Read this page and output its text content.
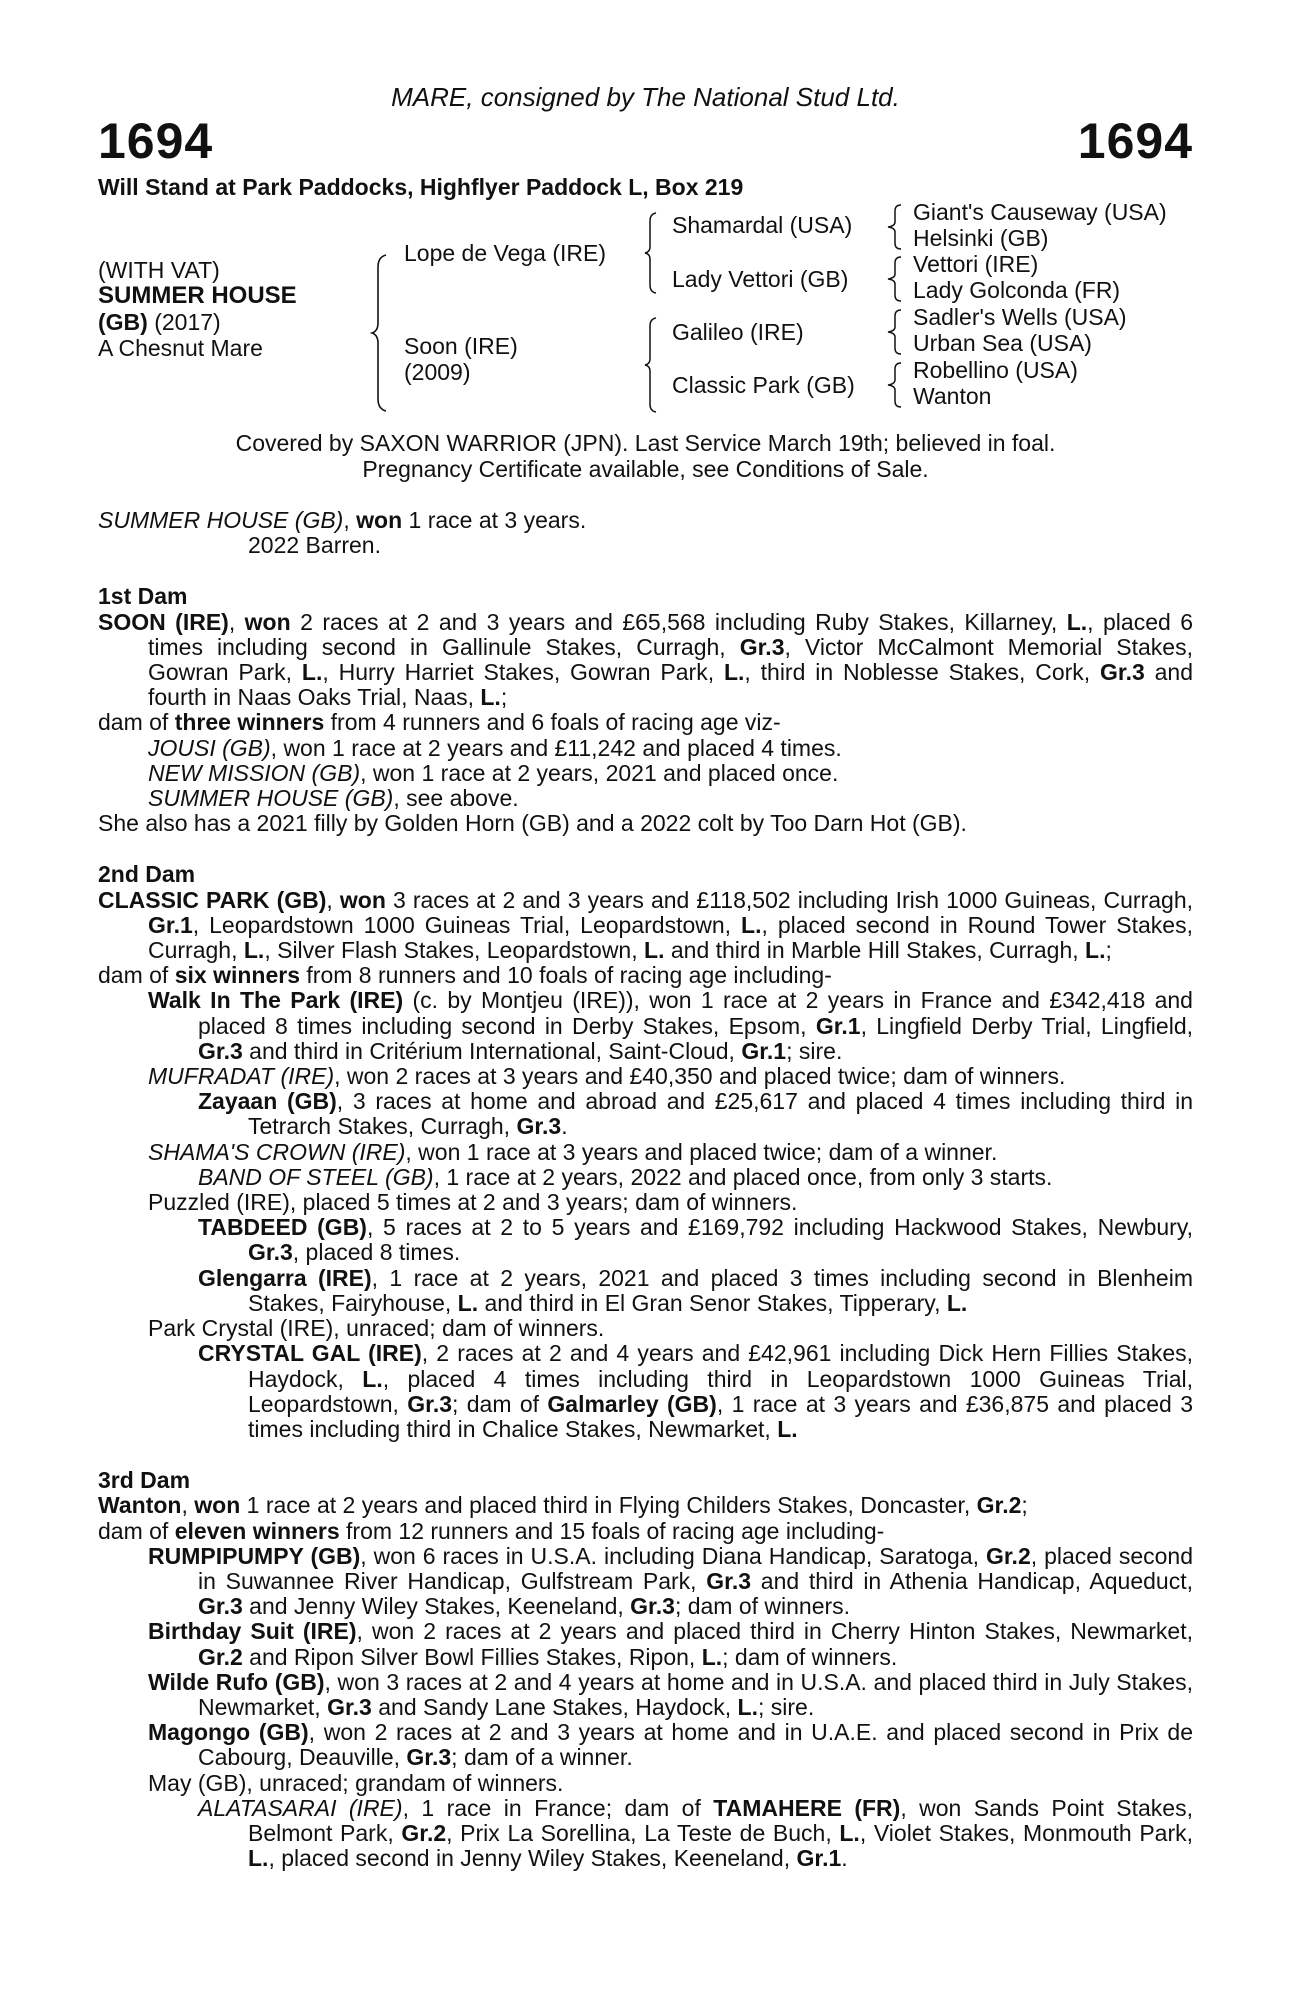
MARE, consigned by The National Stud Ltd.
1694	1694
Will Stand at Park Paddocks, Highflyer Paddock L, Box 219
(WITH VAT)
SUMMER HOUSE
(GB) (2017)
A Chesnut Mare
Lope de Vega (IRE)
Soon (IRE)
(2009)
Shamardal (USA)
Lady Vettori (GB)
Galileo (IRE)
Classic Park (GB)
Giant's Causeway (USA)
Helsinki (GB)
Vettori (IRE)
Lady Golconda (FR)
Sadler's Wells (USA)
Urban Sea (USA)
Robellino (USA)
Wanton
Covered by SAXON WARRIOR (JPN). Last Service March 19th; believed in foal.
Pregnancy Certificate available, see Conditions of Sale.

SUMMER HOUSE (GB), won 1 race at 3 years.

2022 Barren.

1st Dam

SOON (IRE), won 2 races at 2 and 3 years and £65,568 including Ruby Stakes, Killarney, L., placed 6 times including second in Gallinule Stakes, Curragh, Gr.3, Victor McCalmont Memorial Stakes, Gowran Park, L., Hurry Harriet Stakes, Gowran Park, L., third in Noblesse Stakes, Cork, Gr.3 and fourth in Naas Oaks Trial, Naas, L.;

dam of three winners from 4 runners and 6 foals of racing age viz-

JOUSI (GB), won 1 race at 2 years and £11,242 and placed 4 times.

NEW MISSION (GB), won 1 race at 2 years, 2021 and placed once.

SUMMER HOUSE (GB), see above.

She also has a 2021 filly by Golden Horn (GB) and a 2022 colt by Too Darn Hot (GB).

2nd Dam

CLASSIC PARK (GB), won 3 races at 2 and 3 years and £118,502 including Irish 1000 Guineas, Curragh, Gr.1, Leopardstown 1000 Guineas Trial, Leopardstown, L., placed second in Round Tower Stakes, Curragh, L., Silver Flash Stakes, Leopardstown, L. and third in Marble Hill Stakes, Curragh, L.;

dam of six winners from 8 runners and 10 foals of racing age including-

Walk In The Park (IRE) (c. by Montjeu (IRE)), won 1 race at 2 years in France and £342,418 and placed 8 times including second in Derby Stakes, Epsom, Gr.1, Lingfield Derby Trial, Lingfield, Gr.3 and third in Critérium International, Saint-Cloud, Gr.1; sire.

MUFRADAT (IRE), won 2 races at 3 years and £40,350 and placed twice; dam of winners.

Zayaan (GB), 3 races at home and abroad and £25,617 and placed 4 times including third in Tetrarch Stakes, Curragh, Gr.3.

SHAMA'S CROWN (IRE), won 1 race at 3 years and placed twice; dam of a winner.

BAND OF STEEL (GB), 1 race at 2 years, 2022 and placed once, from only 3 starts.

Puzzled (IRE), placed 5 times at 2 and 3 years; dam of winners.

TABDEED (GB), 5 races at 2 to 5 years and £169,792 including Hackwood Stakes, Newbury, Gr.3, placed 8 times.

Glengarra (IRE), 1 race at 2 years, 2021 and placed 3 times including second in Blenheim Stakes, Fairyhouse, L. and third in El Gran Senor Stakes, Tipperary, L.

Park Crystal (IRE), unraced; dam of winners.

CRYSTAL GAL (IRE), 2 races at 2 and 4 years and £42,961 including Dick Hern Fillies Stakes, Haydock, L., placed 4 times including third in Leopardstown 1000 Guineas Trial, Leopardstown, Gr.3; dam of Galmarley (GB), 1 race at 3 years and £36,875 and placed 3 times including third in Chalice Stakes, Newmarket, L.

3rd Dam

Wanton, won 1 race at 2 years and placed third in Flying Childers Stakes, Doncaster, Gr.2;

dam of eleven winners from 12 runners and 15 foals of racing age including-

RUMPIPUMPY (GB), won 6 races in U.S.A. including Diana Handicap, Saratoga, Gr.2, placed second in Suwannee River Handicap, Gulfstream Park, Gr.3 and third in Athenia Handicap, Aqueduct, Gr.3 and Jenny Wiley Stakes, Keeneland, Gr.3; dam of winners.

Birthday Suit (IRE), won 2 races at 2 years and placed third in Cherry Hinton Stakes, Newmarket, Gr.2 and Ripon Silver Bowl Fillies Stakes, Ripon, L.; dam of winners.

Wilde Rufo (GB), won 3 races at 2 and 4 years at home and in U.S.A. and placed third in July Stakes, Newmarket, Gr.3 and Sandy Lane Stakes, Haydock, L.; sire.

Magongo (GB), won 2 races at 2 and 3 years at home and in U.A.E. and placed second in Prix de Cabourg, Deauville, Gr.3; dam of a winner.

May (GB), unraced; grandam of winners.

ALATASARAI (IRE), 1 race in France; dam of TAMAHERE (FR), won Sands Point Stakes, Belmont Park, Gr.2, Prix La Sorellina, La Teste de Buch, L., Violet Stakes, Monmouth Park, L., placed second in Jenny Wiley Stakes, Keeneland, Gr.1.
